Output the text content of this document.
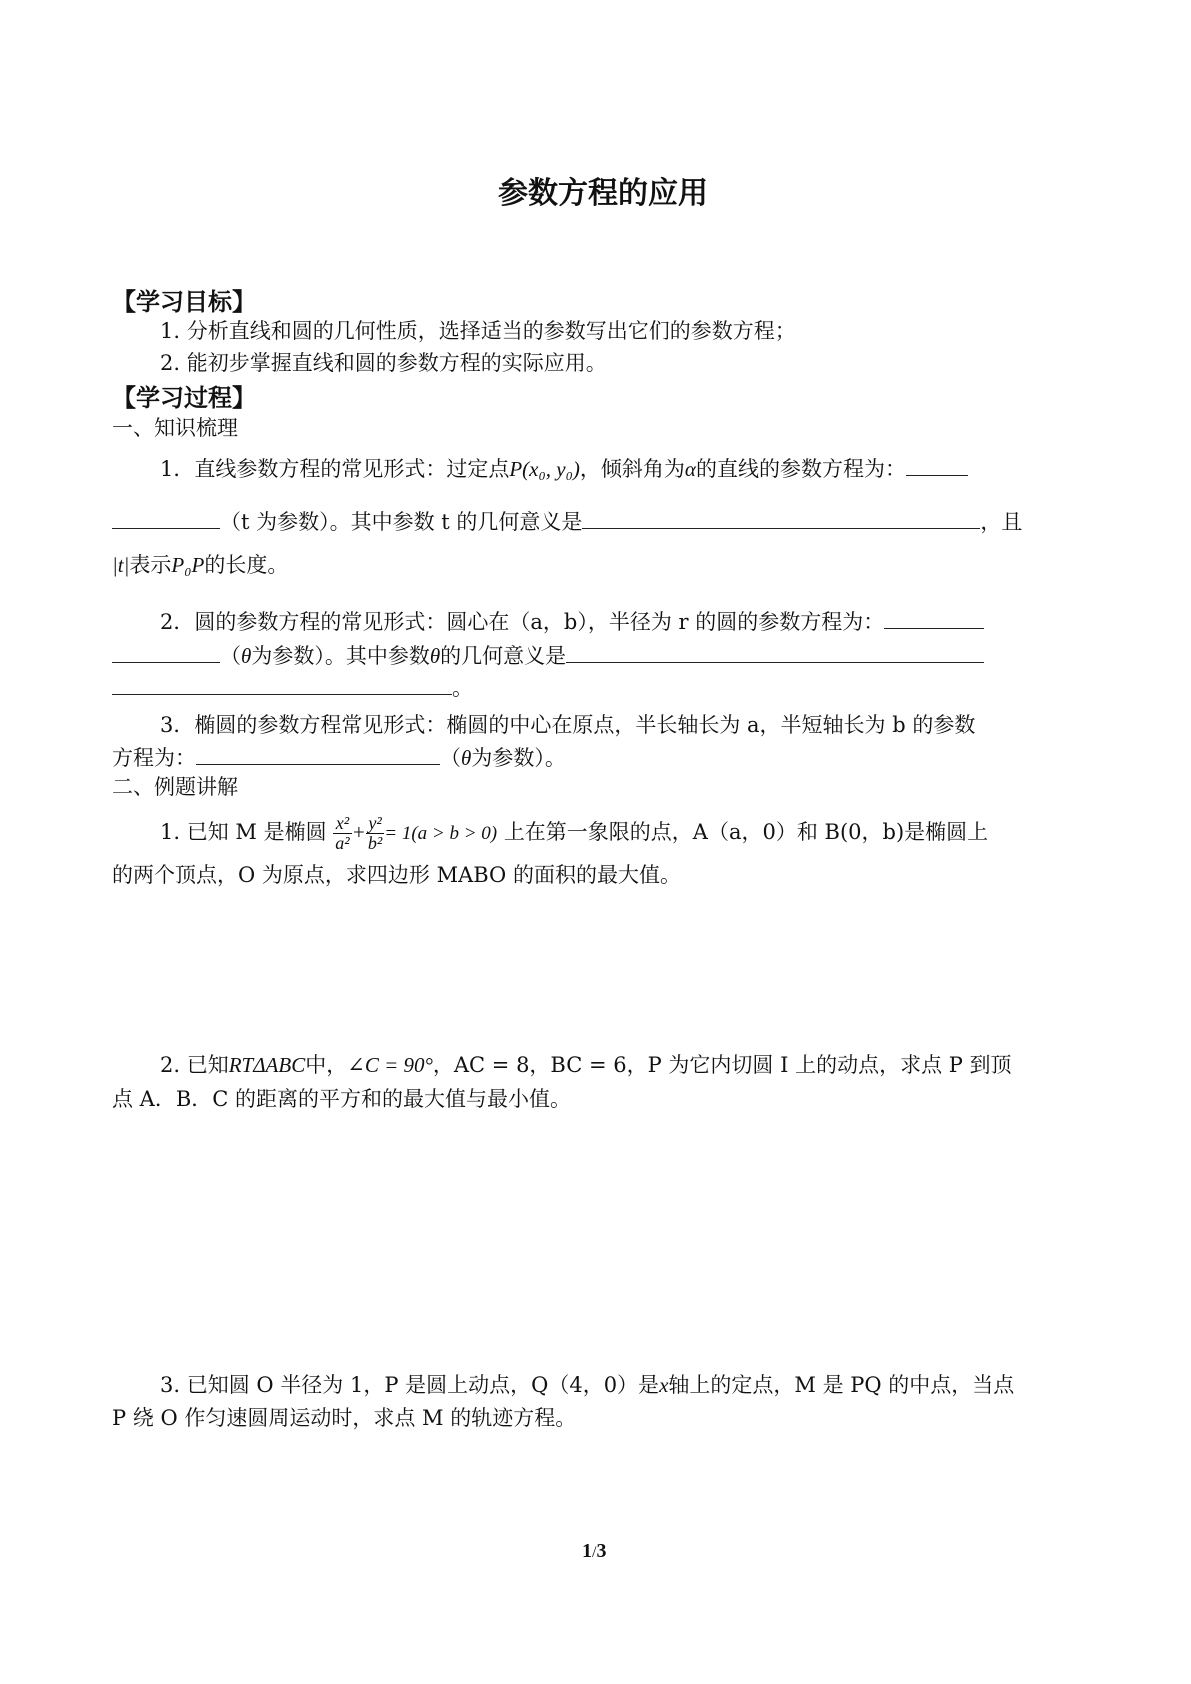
参数方程的应用
【学习目标】
1. 分析直线和圆的几何性质，选择适当的参数写出它们的参数方程；
2. 能初步掌握直线和圆的参数方程的实际应用。
【学习过程】
一、知识梳理
1．直线参数方程的常见形式：过定点P(x₀, y₀)，倾斜角为α的直线的参数方程为：
（t 为参数）。其中参数 t 的几何意义是	，且
|t|表示P₀P的长度。
2．圆的参数方程的常见形式：圆心在（a，b），半径为 r 的圆的参数方程为：
（θ为参数）。其中参数θ的几何意义是
。
3．椭圆的参数方程常见形式：椭圆的中心在原点，半长轴长为 a，半短轴长为 b 的参数
方程为：	（θ为参数）。
二、例题讲解
1. 已知 M 是椭圆 $\frac{\text{x²}}{\text{a²}} + \frac{\text{y²}}{\text{b²}} = 1(a > b > 0)$ 上在第一象限的点，A（a，0）和 B(0，b)是椭圆上
的两个顶点，O 为原点，求四边形 MABO 的面积的最大值。
2. 已知RTΔABC中，∠C = 90°，AC = 8，BC = 6，P 为它内切圆 I 上的动点，求点 P 到顶
点 A．B．C 的距离的平方和的最大值与最小值。
3. 已知圆 O 半径为 1，P 是圆上动点，Q（4，0）是x轴上的定点，M 是 PQ 的中点，当点
P 绕 O 作匀速圆周运动时，求点 M 的轨迹方程。
1/3
